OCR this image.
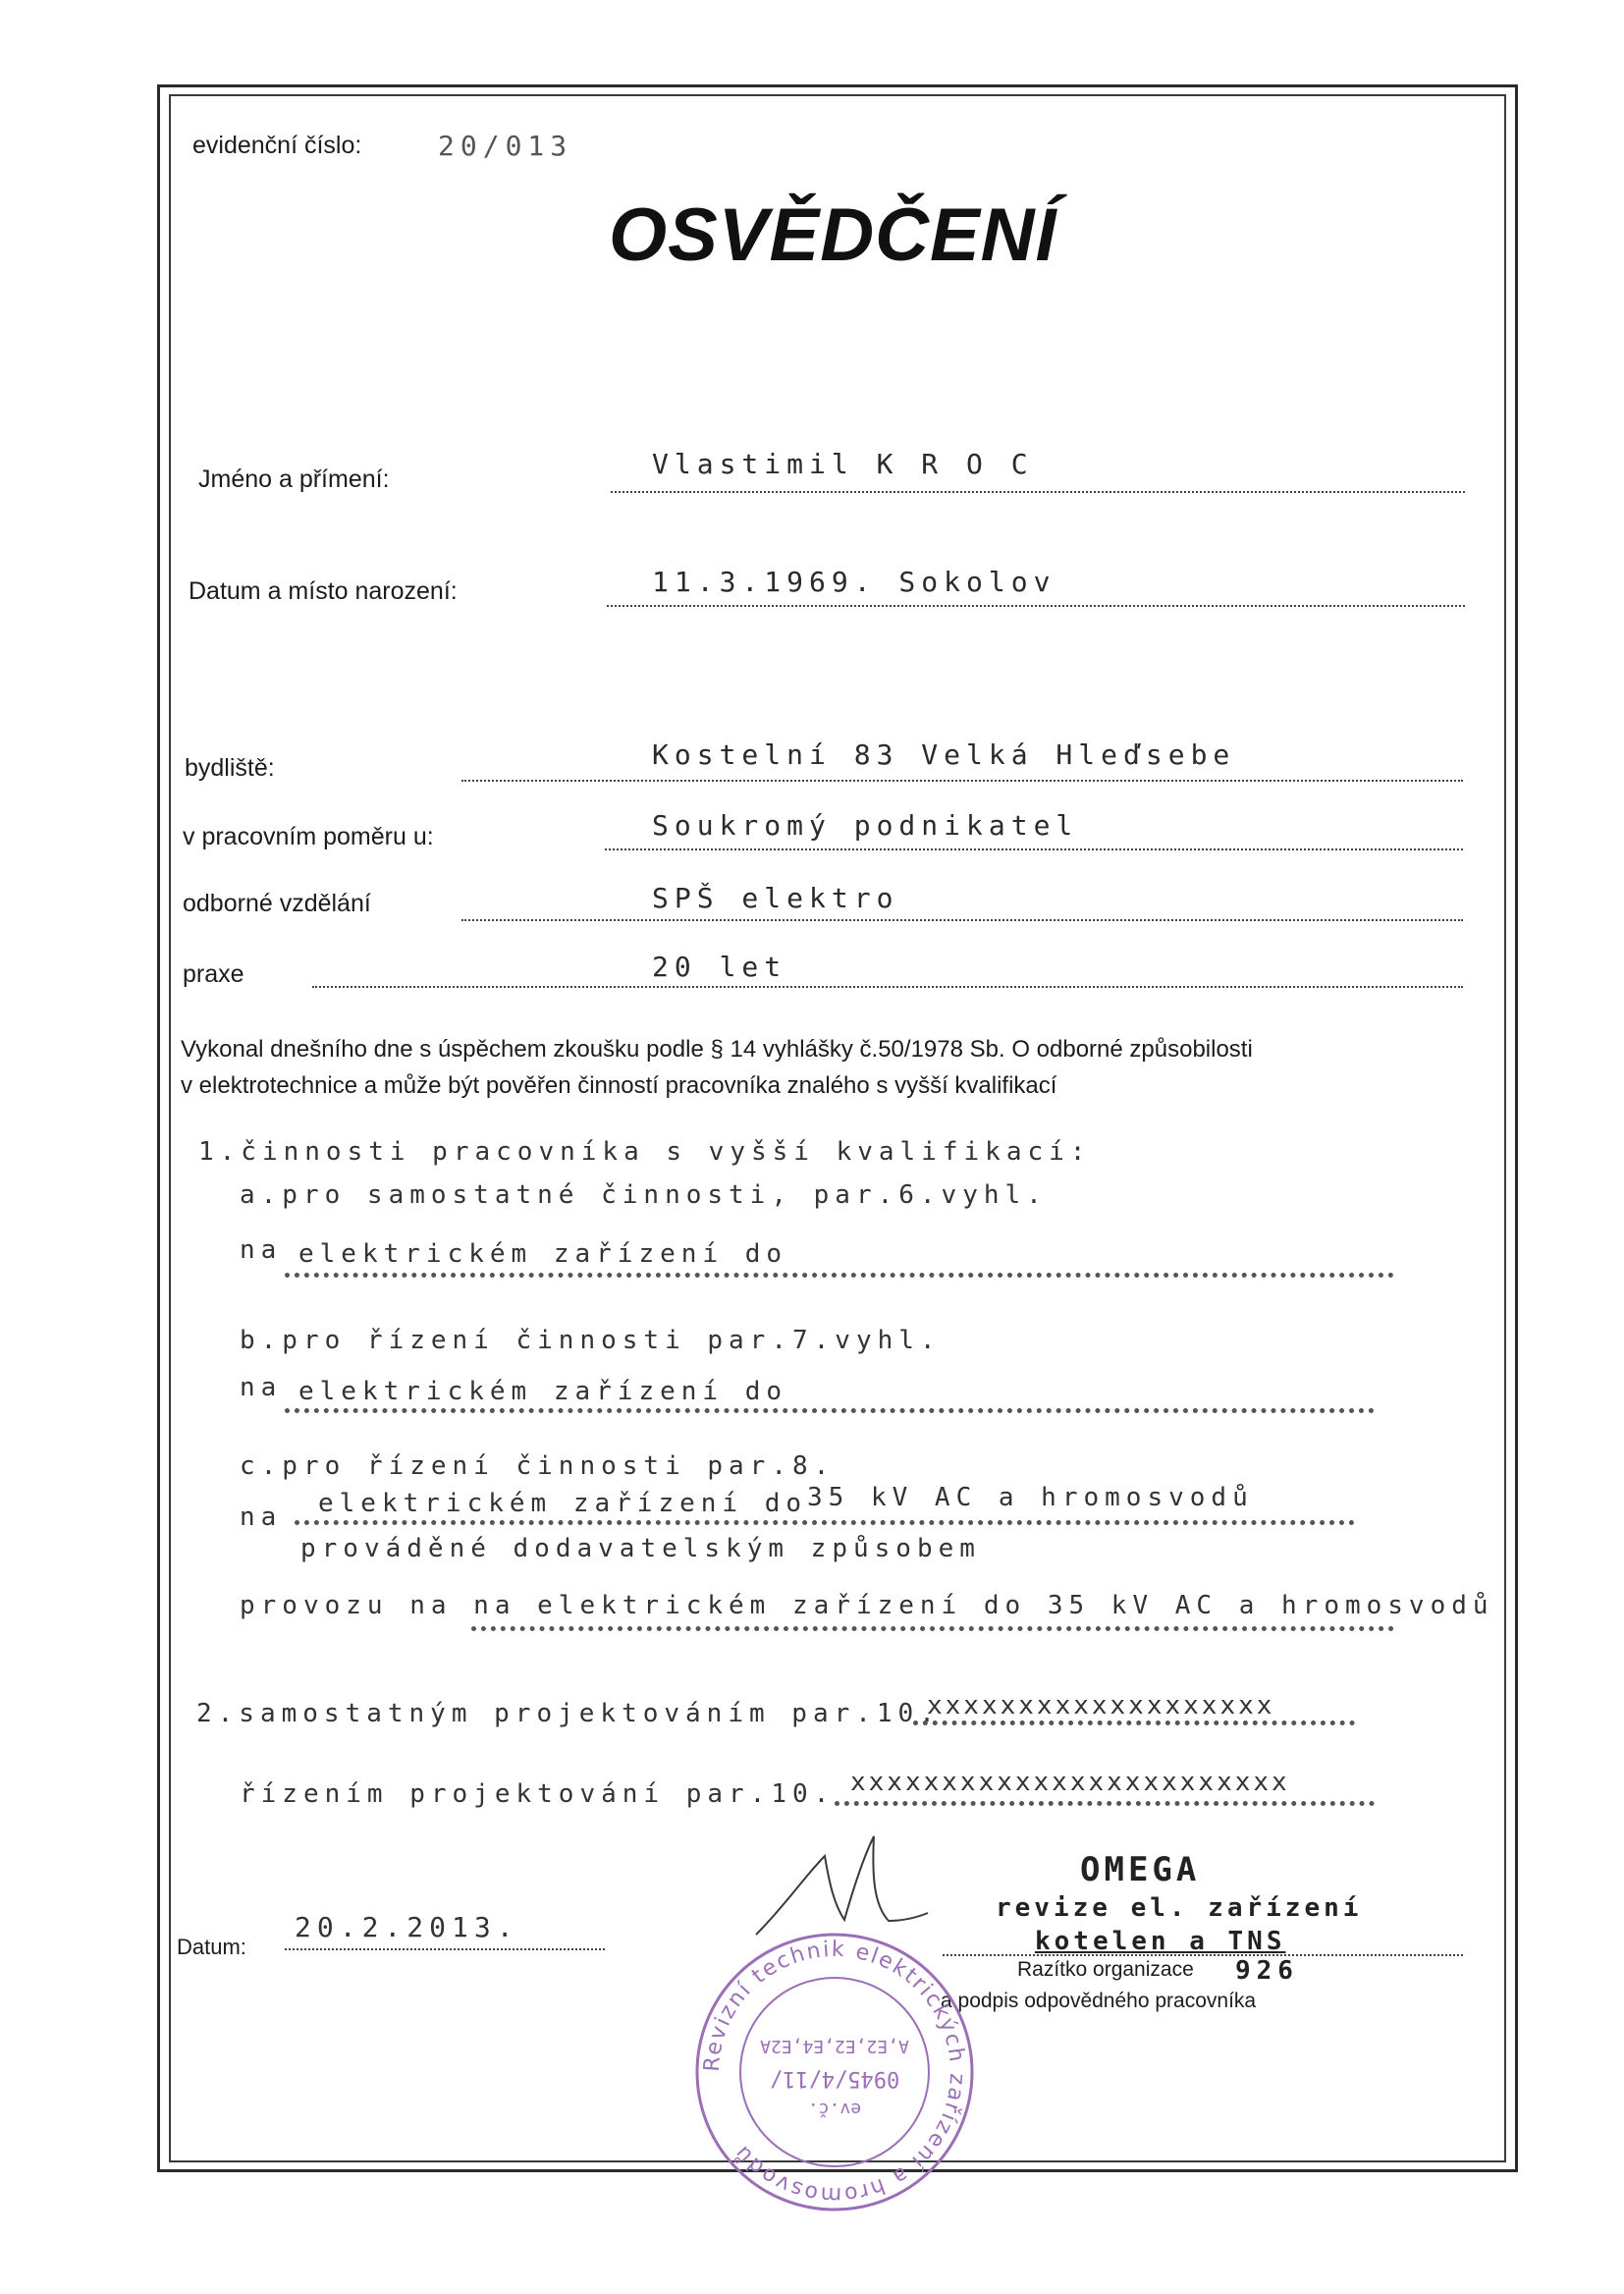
evidenční číslo:	20/013
OSVĚDČENÍ
Jméno a přímení:	Vlastimil K R O C
Datum a místo narození:	11.3.1969. Sokolov
bydliště:	Kostelní 83 Velká Hleďsebe
v pracovním poměru u:	Soukromý podnikatel
odborné vzdělání	SPŠ elektro
praxe	20 let
Vykonal dnešního dne s úspěchem zkoušku podle § 14 vyhlášky č.50/1978 Sb. O odborné způsobilosti
v elektrotechnice a může být pověřen činností pracovníka znalého s vyšší kvalifikací
1.činnosti pracovníka s vyšší kvalifikací:
a.pro samostatné činnosti, par.6.vyhl.
na elektrickém zařízení do
b.pro řízení činnosti par.7.vyhl.
na elektrickém zařízení do
c.pro řízení činnosti par.8.
na elektrickém zařízení do 35 kV AC a hromosvodů
prováděné dodavatelským způsobem
provozu na na elektrickém zařízení do 35 kV AC a hromosvodů
2.samostatným projektováním par.10.
xxxxxxxxxxxxxxxxxxx
řízením projektování par.10. xxxxxxxxxxxxxxxxxxxxxxxx
Datum:
20.2.2013.
OMEGA
revize el. zařízení
kotelen a TNS
926
Razítko organizace
a podpis odpovědného pracovníka
Revizní technik elektrických zařízení a hromosvodů
ev.č.
0945/4/11/
A,E2,E2,E4,E2A
